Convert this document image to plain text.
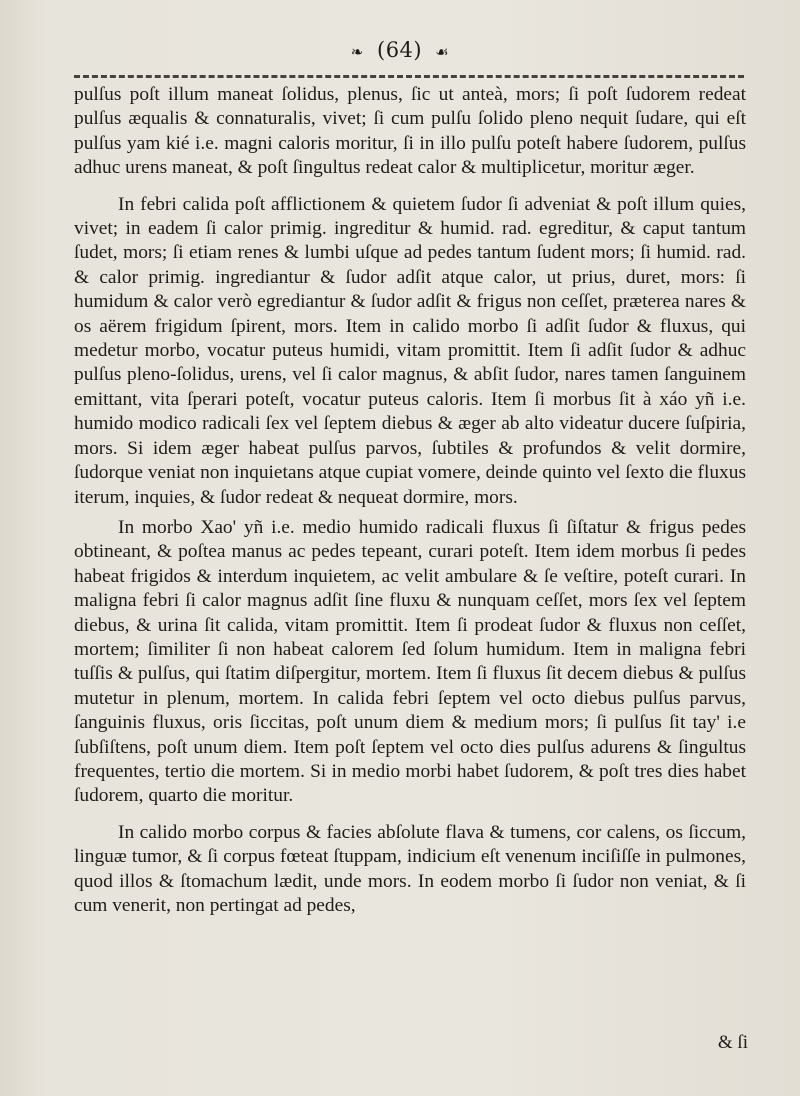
❧ (64) ☙

pulſus poſt illum maneat ſolidus, plenus, ſic ut anteà, mors; ſi poſt ſudorem redeat pulſus æqualis & connaturalis, vivet; ſi cum pulſu ſolido pleno nequit ſudare, qui eſt pulſus yam kié i.e. magni caloris moritur, ſi in illo pulſu poteſt habere ſudorem, pulſus adhuc urens maneat, & poſt ſingultus redeat calor & multiplicetur, moritur æger.

In febri calida poſt afflictionem & quietem ſudor ſi adveniat & poſt illum quies, vivet; in eadem ſi calor primig. ingreditur & humid. rad. egreditur, & caput tantum ſudet, mors; ſi etiam renes & lumbi uſque ad pedes tantum ſudent mors; ſi humid. rad. & calor primig. ingrediantur & ſudor adſit atque calor, ut prius, duret, mors: ſi humidum & calor verò egrediantur & ſudor adſit & frigus non ceſſet, præterea nares & os aërem frigidum ſpirent, mors. Item in calido morbo ſi adſit ſudor & fluxus, qui medetur morbo, vocatur puteus humidi, vitam promittit. Item ſi adſit ſudor & adhuc pulſus pleno-ſolidus, urens, vel ſi calor magnus, & abſit ſudor, nares tamen ſanguinem emittant, vita ſperari poteſt, vocatur puteus caloris. Item ſi morbus ſit à xáo yñ i.e. humido modico radicali ſex vel ſeptem diebus & æger ab alto videatur ducere ſuſpiria, mors. Si idem æger habeat pulſus parvos, ſubtiles & profundos & velit dormire, ſudorque veniat non inquietans atque cupiat vomere, deinde quinto vel ſexto die fluxus iterum, inquies, & ſudor redeat & nequeat dormire, mors.

In morbo Xao' yñ i.e. medio humido radicali fluxus ſi ſiſtatur & frigus pedes obtineant, & poſtea manus ac pedes tepeant, curari poteſt. Item idem morbus ſi pedes habeat frigidos & interdum inquietem, ac velit ambulare & ſe veſtire, poteſt curari. In maligna febri ſi calor magnus adſit ſine fluxu & nunquam ceſſet, mors ſex vel ſeptem diebus, & urina ſit calida, vitam promittit. Item ſi prodeat ſudor & fluxus non ceſſet, mortem; ſimiliter ſi non habeat calorem ſed ſolum humidum. Item in maligna febri tuſſis & pulſus, qui ſtatim diſpergitur, mortem. Item ſi fluxus ſit decem diebus & pulſus mutetur in plenum, mortem. In calida febri ſeptem vel octo diebus pulſus parvus, ſanguinis fluxus, oris ſiccitas, poſt unum diem & medium mors; ſi pulſus ſit tay' i.e ſubſiſtens, poſt unum diem. Item poſt ſeptem vel octo dies pulſus adurens & ſingultus frequentes, tertio die mortem. Si in medio morbi habet ſudorem, & poſt tres dies habet ſudorem, quarto die moritur.

In calido morbo corpus & facies abſolute flava & tumens, cor calens, os ſiccum, linguæ tumor, & ſi corpus fœteat ſtuppam, indicium eſt venenum inciſiſſe in pulmones, quod illos & ſtomachum lædit, unde mors. In eodem morbo ſi ſudor non veniat, & ſi cum venerit, non pertingat ad pedes,

& ſi
